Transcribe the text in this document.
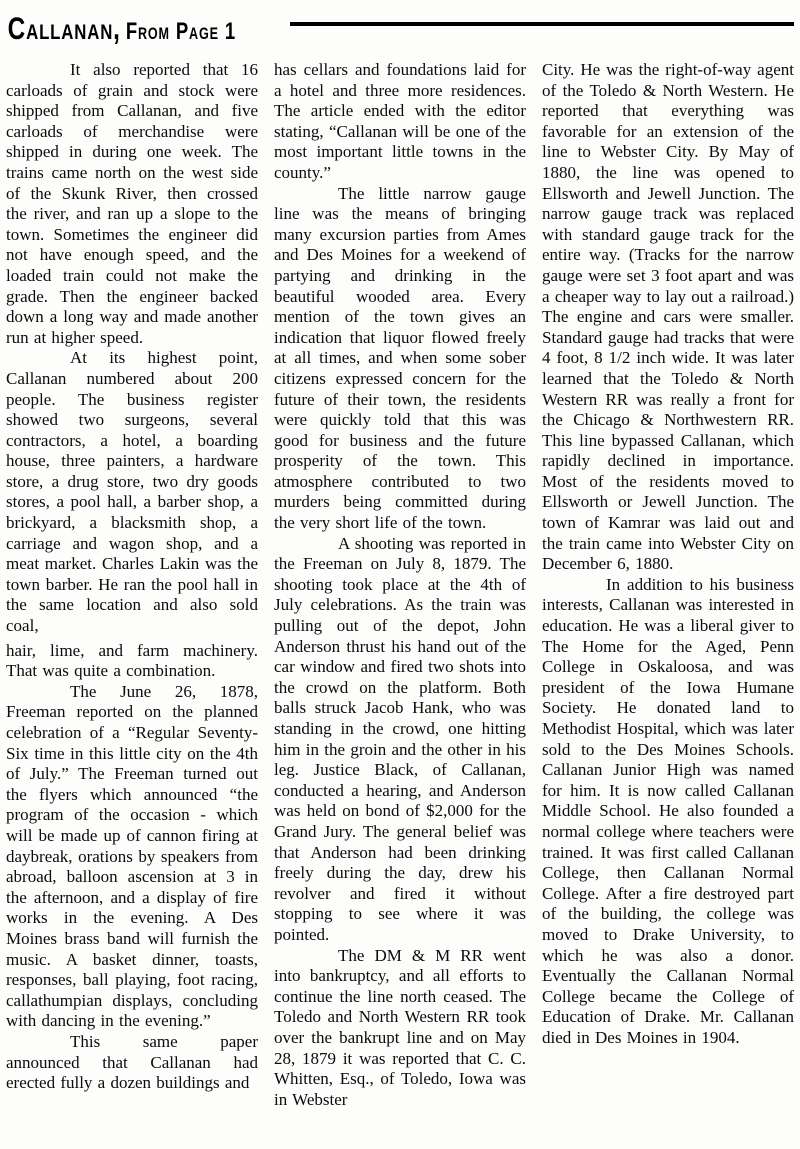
Callanan, From Page 1

It also reported that 16 carloads of grain and stock were shipped from Callanan, and five carloads of merchandise were shipped in during one week. The trains came north on the west side of the Skunk River, then crossed the river, and ran up a slope to the town. Sometimes the engineer did not have enough speed, and the loaded train could not make the grade. Then the engineer backed down a long way and made another run at higher speed.

At its highest point, Callanan numbered about 200 people. The business register showed two surgeons, several contractors, a hotel, a boarding house, three painters, a hardware store, a drug store, two dry goods stores, a pool hall, a barber shop, a brickyard, a blacksmith shop, a carriage and wagon shop, and a meat market. Charles Lakin was the town barber. He ran the pool hall in the same location and also sold coal,

hair, lime, and farm machinery. That was quite a combination.

The June 26, 1878, Freeman reported on the planned celebration of a “Regular Seventy-Six time in this little city on the 4th of July.” The Freeman turned out the flyers which announced “the program of the occasion - which will be made up of cannon firing at daybreak, orations by speakers from abroad, balloon ascension at 3 in the afternoon, and a display of fire works in the evening. A Des Moines brass band will furnish the music. A basket dinner, toasts, responses, ball playing, foot racing, callathumpian displays, concluding with dancing in the evening.”

This same paper announced that Callanan had erected fully a dozen buildings and

has cellars and foundations laid for a hotel and three more residences. The article ended with the editor stating, “Callanan will be one of the most important little towns in the county.”

The little narrow gauge line was the means of bringing many excursion parties from Ames and Des Moines for a weekend of partying and drinking in the beautiful wooded area. Every mention of the town gives an indication that liquor flowed freely at all times, and when some sober citizens expressed concern for the future of their town, the residents were quickly told that this was good for business and the future prosperity of the town. This atmosphere contributed to two murders being committed during the very short life of the town.

A shooting was reported in the Freeman on July 8, 1879. The shooting took place at the 4th of July celebrations. As the train was pulling out of the depot, John Anderson thrust his hand out of the car window and fired two shots into the crowd on the platform. Both balls struck Jacob Hank, who was standing in the crowd, one hitting him in the groin and the other in his leg. Justice Black, of Callanan, conducted a hearing, and Anderson was held on bond of $2,000 for the Grand Jury. The general belief was that Anderson had been drinking freely during the day, drew his revolver and fired it without stopping to see where it was pointed.

The DM & M RR went into bankruptcy, and all efforts to continue the line north ceased. The Toledo and North Western RR took over the bankrupt line and on May 28, 1879 it was reported that C. C. Whitten, Esq., of Toledo, Iowa was in Webster

City. He was the right-of-way agent of the Toledo & North Western. He reported that everything was favorable for an extension of the line to Webster City. By May of 1880, the line was opened to Ellsworth and Jewell Junction. The narrow gauge track was replaced with standard gauge track for the entire way. (Tracks for the narrow gauge were set 3 foot apart and was a cheaper way to lay out a railroad.) The engine and cars were smaller. Standard gauge had tracks that were 4 foot, 8 1/2 inch wide. It was later learned that the Toledo & North Western RR was really a front for the Chicago & Northwestern RR. This line bypassed Callanan, which rapidly declined in importance. Most of the residents moved to Ellsworth or Jewell Junction. The town of Kamrar was laid out and the train came into Webster City on December 6, 1880.

In addition to his business interests, Callanan was interested in education. He was a liberal giver to The Home for the Aged, Penn College in Oskaloosa, and was president of the Iowa Humane Society. He donated land to Methodist Hospital, which was later sold to the Des Moines Schools. Callanan Junior High was named for him. It is now called Callanan Middle School. He also founded a normal college where teachers were trained. It was first called Callanan College, then Callanan Normal College. After a fire destroyed part of the building, the college was moved to Drake University, to which he was also a donor. Eventually the Callanan Normal College became the College of Education of Drake. Mr. Callanan died in Des Moines in 1904.
